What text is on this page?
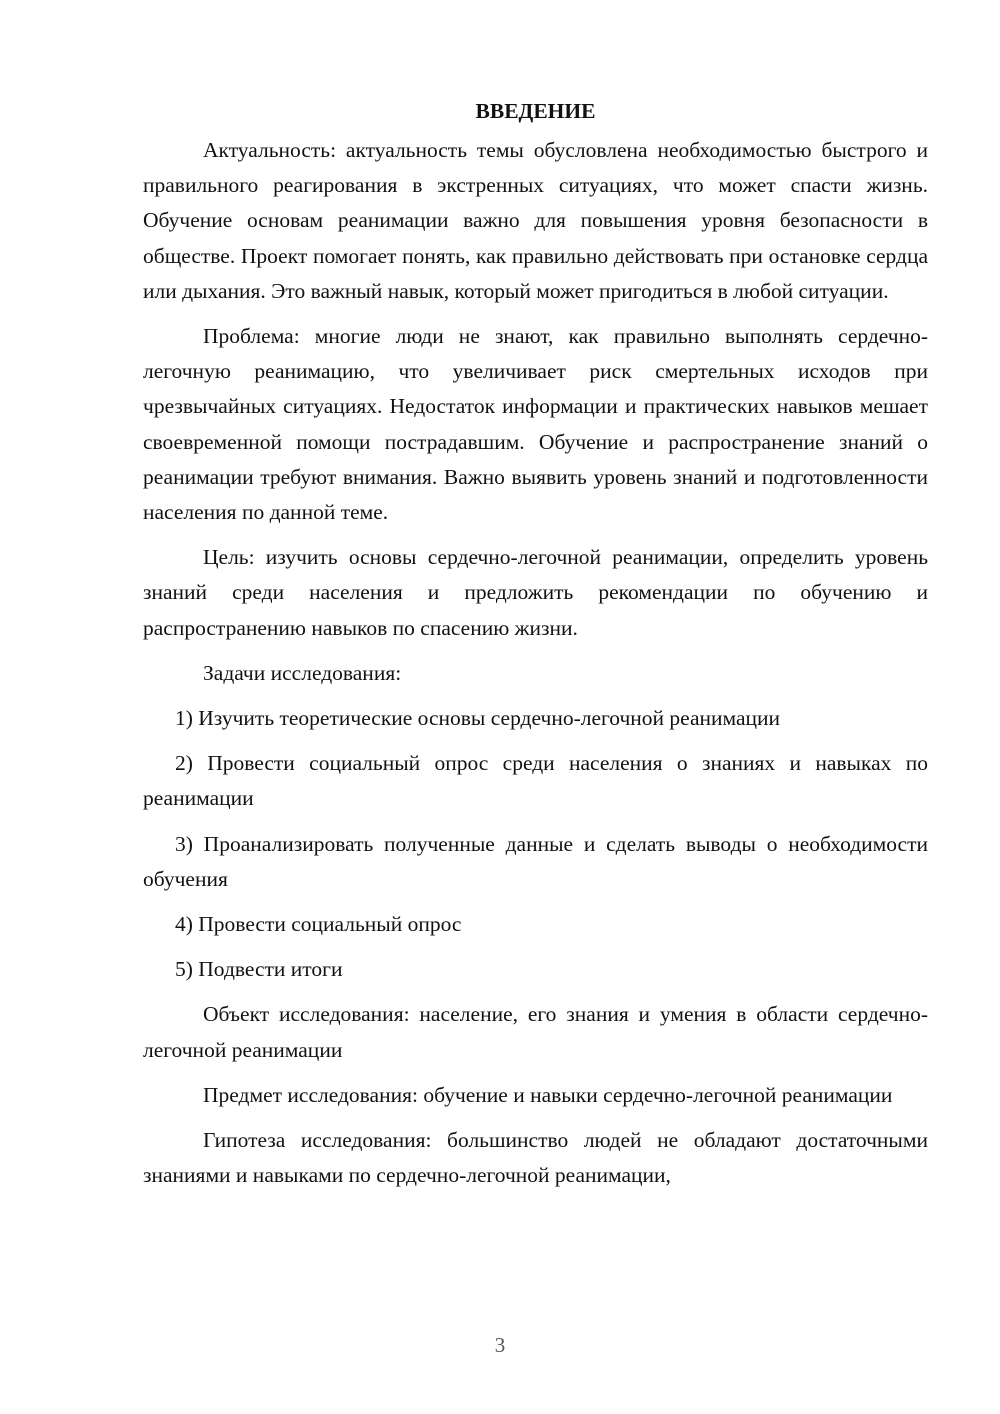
ВВЕДЕНИЕ

Актуальность: актуальность темы обусловлена необходимостью быстрого и правильного реагирования в экстренных ситуациях, что может спасти жизнь. Обучение основам реанимации важно для повышения уровня безопасности в обществе. Проект помогает понять, как правильно действовать при остановке сердца или дыхания. Это важный навык, который может пригодиться в любой ситуации.

Проблема: многие люди не знают, как правильно выполнять сердечно-легочную реанимацию, что увеличивает риск смертельных исходов при чрезвычайных ситуациях. Недостаток информации и практических навыков мешает своевременной помощи пострадавшим. Обучение и распространение знаний о реанимации требуют внимания. Важно выявить уровень знаний и подготовленности населения по данной теме.

Цель: изучить основы сердечно-легочной реанимации, определить уровень знаний среди населения и предложить рекомендации по обучению и распространению навыков по спасению жизни.

Задачи исследования:

1) Изучить теоретические основы сердечно-легочной реанимации

2) Провести социальный опрос среди населения о знаниях и навыках по реанимации

3) Проанализировать полученные данные и сделать выводы о необходимости обучения

4) Провести социальный опрос

5) Подвести итоги

Объект исследования: население, его знания и умения в области сердечно-легочной реанимации

Предмет исследования: обучение и навыки сердечно-легочной реанимации

Гипотеза исследования: большинство людей не обладают достаточными знаниями и навыками по сердечно-легочной реанимации,

3
